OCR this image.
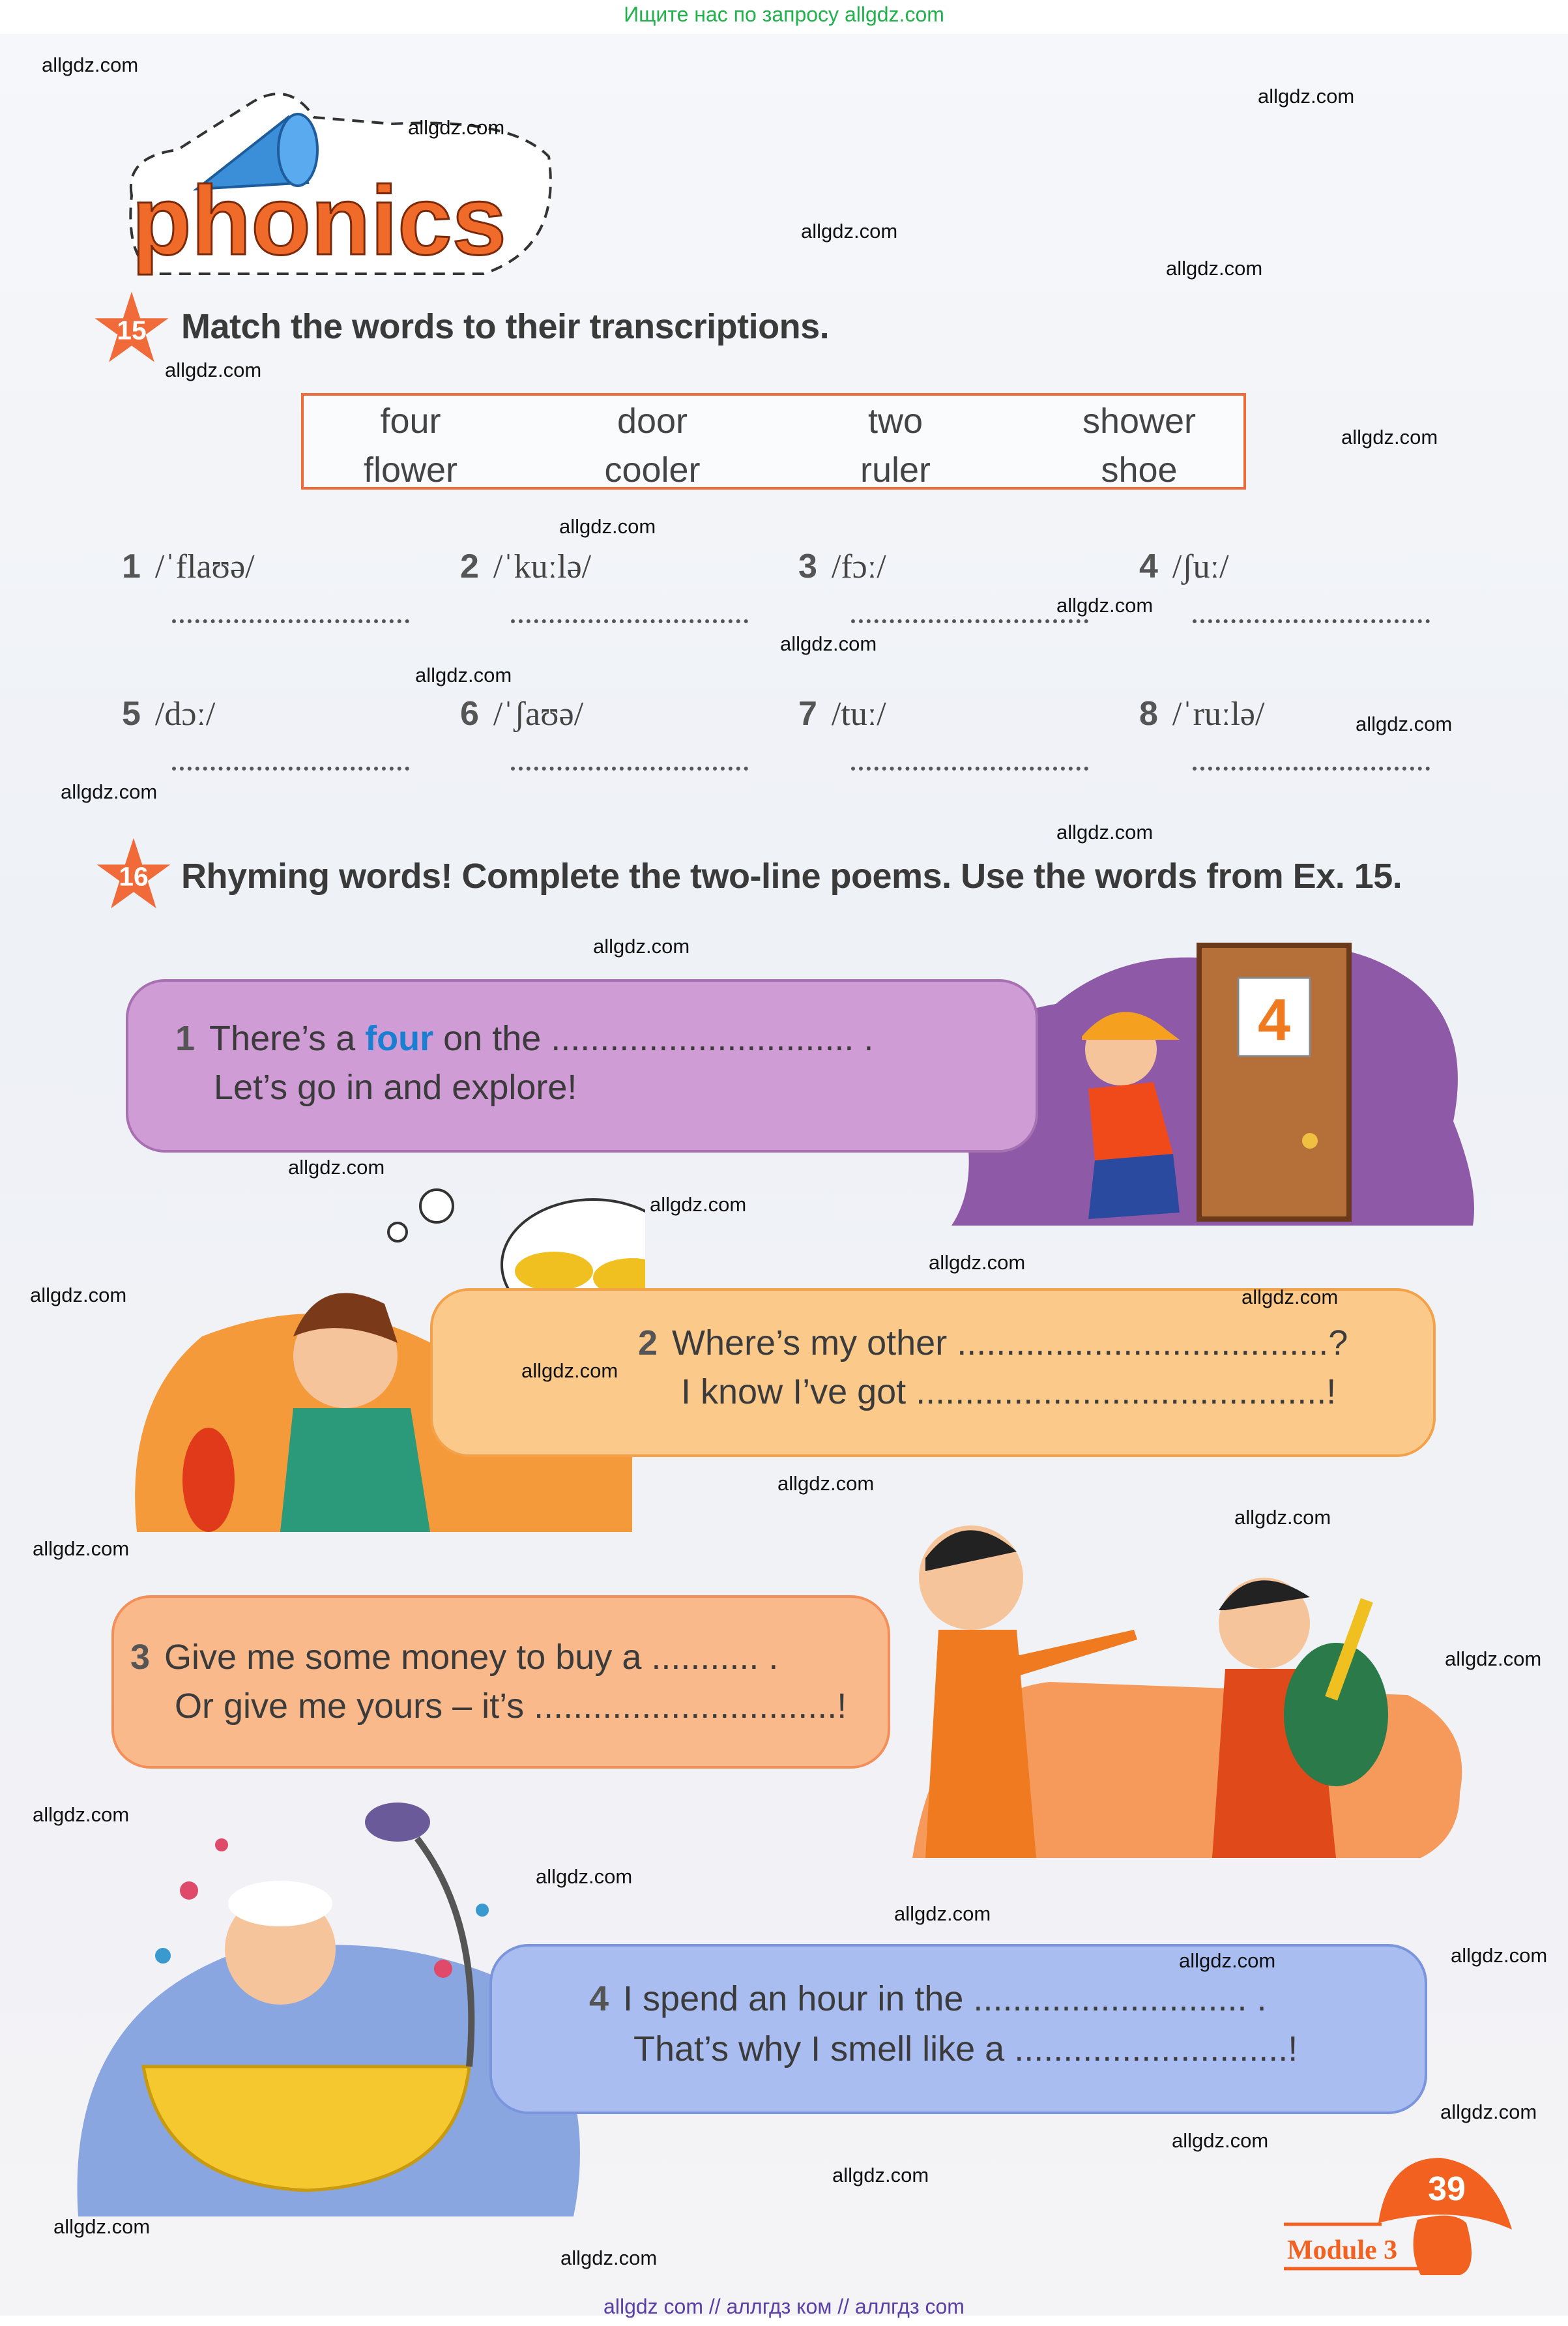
Ищите нас по запросу allgdz.com
phonics
15 Match the words to their transcriptions.
four	door	two	shower
flower	cooler	ruler	shoe
1 /ˈflaʊə/	2 /ˈkuːlə/	3 /fɔː/	4 /ʃuː/
5 /dɔː/	6 /ˈʃaʊə/	7 /tuː/	8 /ˈruːlə/
16 Rhyming words! Complete the two-line poems. Use the words from Ex. 15.
4
1 There’s a four on the ............................... .
Let’s go in and explore!
2 Where’s my other ......................................?
I know I’ve got ..........................................!
3 Give me some money to buy a ........... .
Or give me yours – it’s ...............................!
4 I spend an hour in the ............................ .
That’s why I smell like a ............................!
39
Module 3
allgdz com // аллгдз ком // аллгдз com
allgdz.com
allgdz.com
allgdz.com
allgdz.com
allgdz.com
allgdz.com
allgdz.com
allgdz.com
allgdz.com
allgdz.com
allgdz.com
allgdz.com
allgdz.com
allgdz.com
allgdz.com
allgdz.com
allgdz.com
allgdz.com
allgdz.com	allgdz.com
allgdz.com
allgdz.com
allgdz.com
allgdz.com
allgdz.com
allgdz.com
allgdz.com
allgdz.com
allgdz.com
allgdz.com
allgdz.com
allgdz.com
allgdz.com
allgdz.com
allgdz.com
